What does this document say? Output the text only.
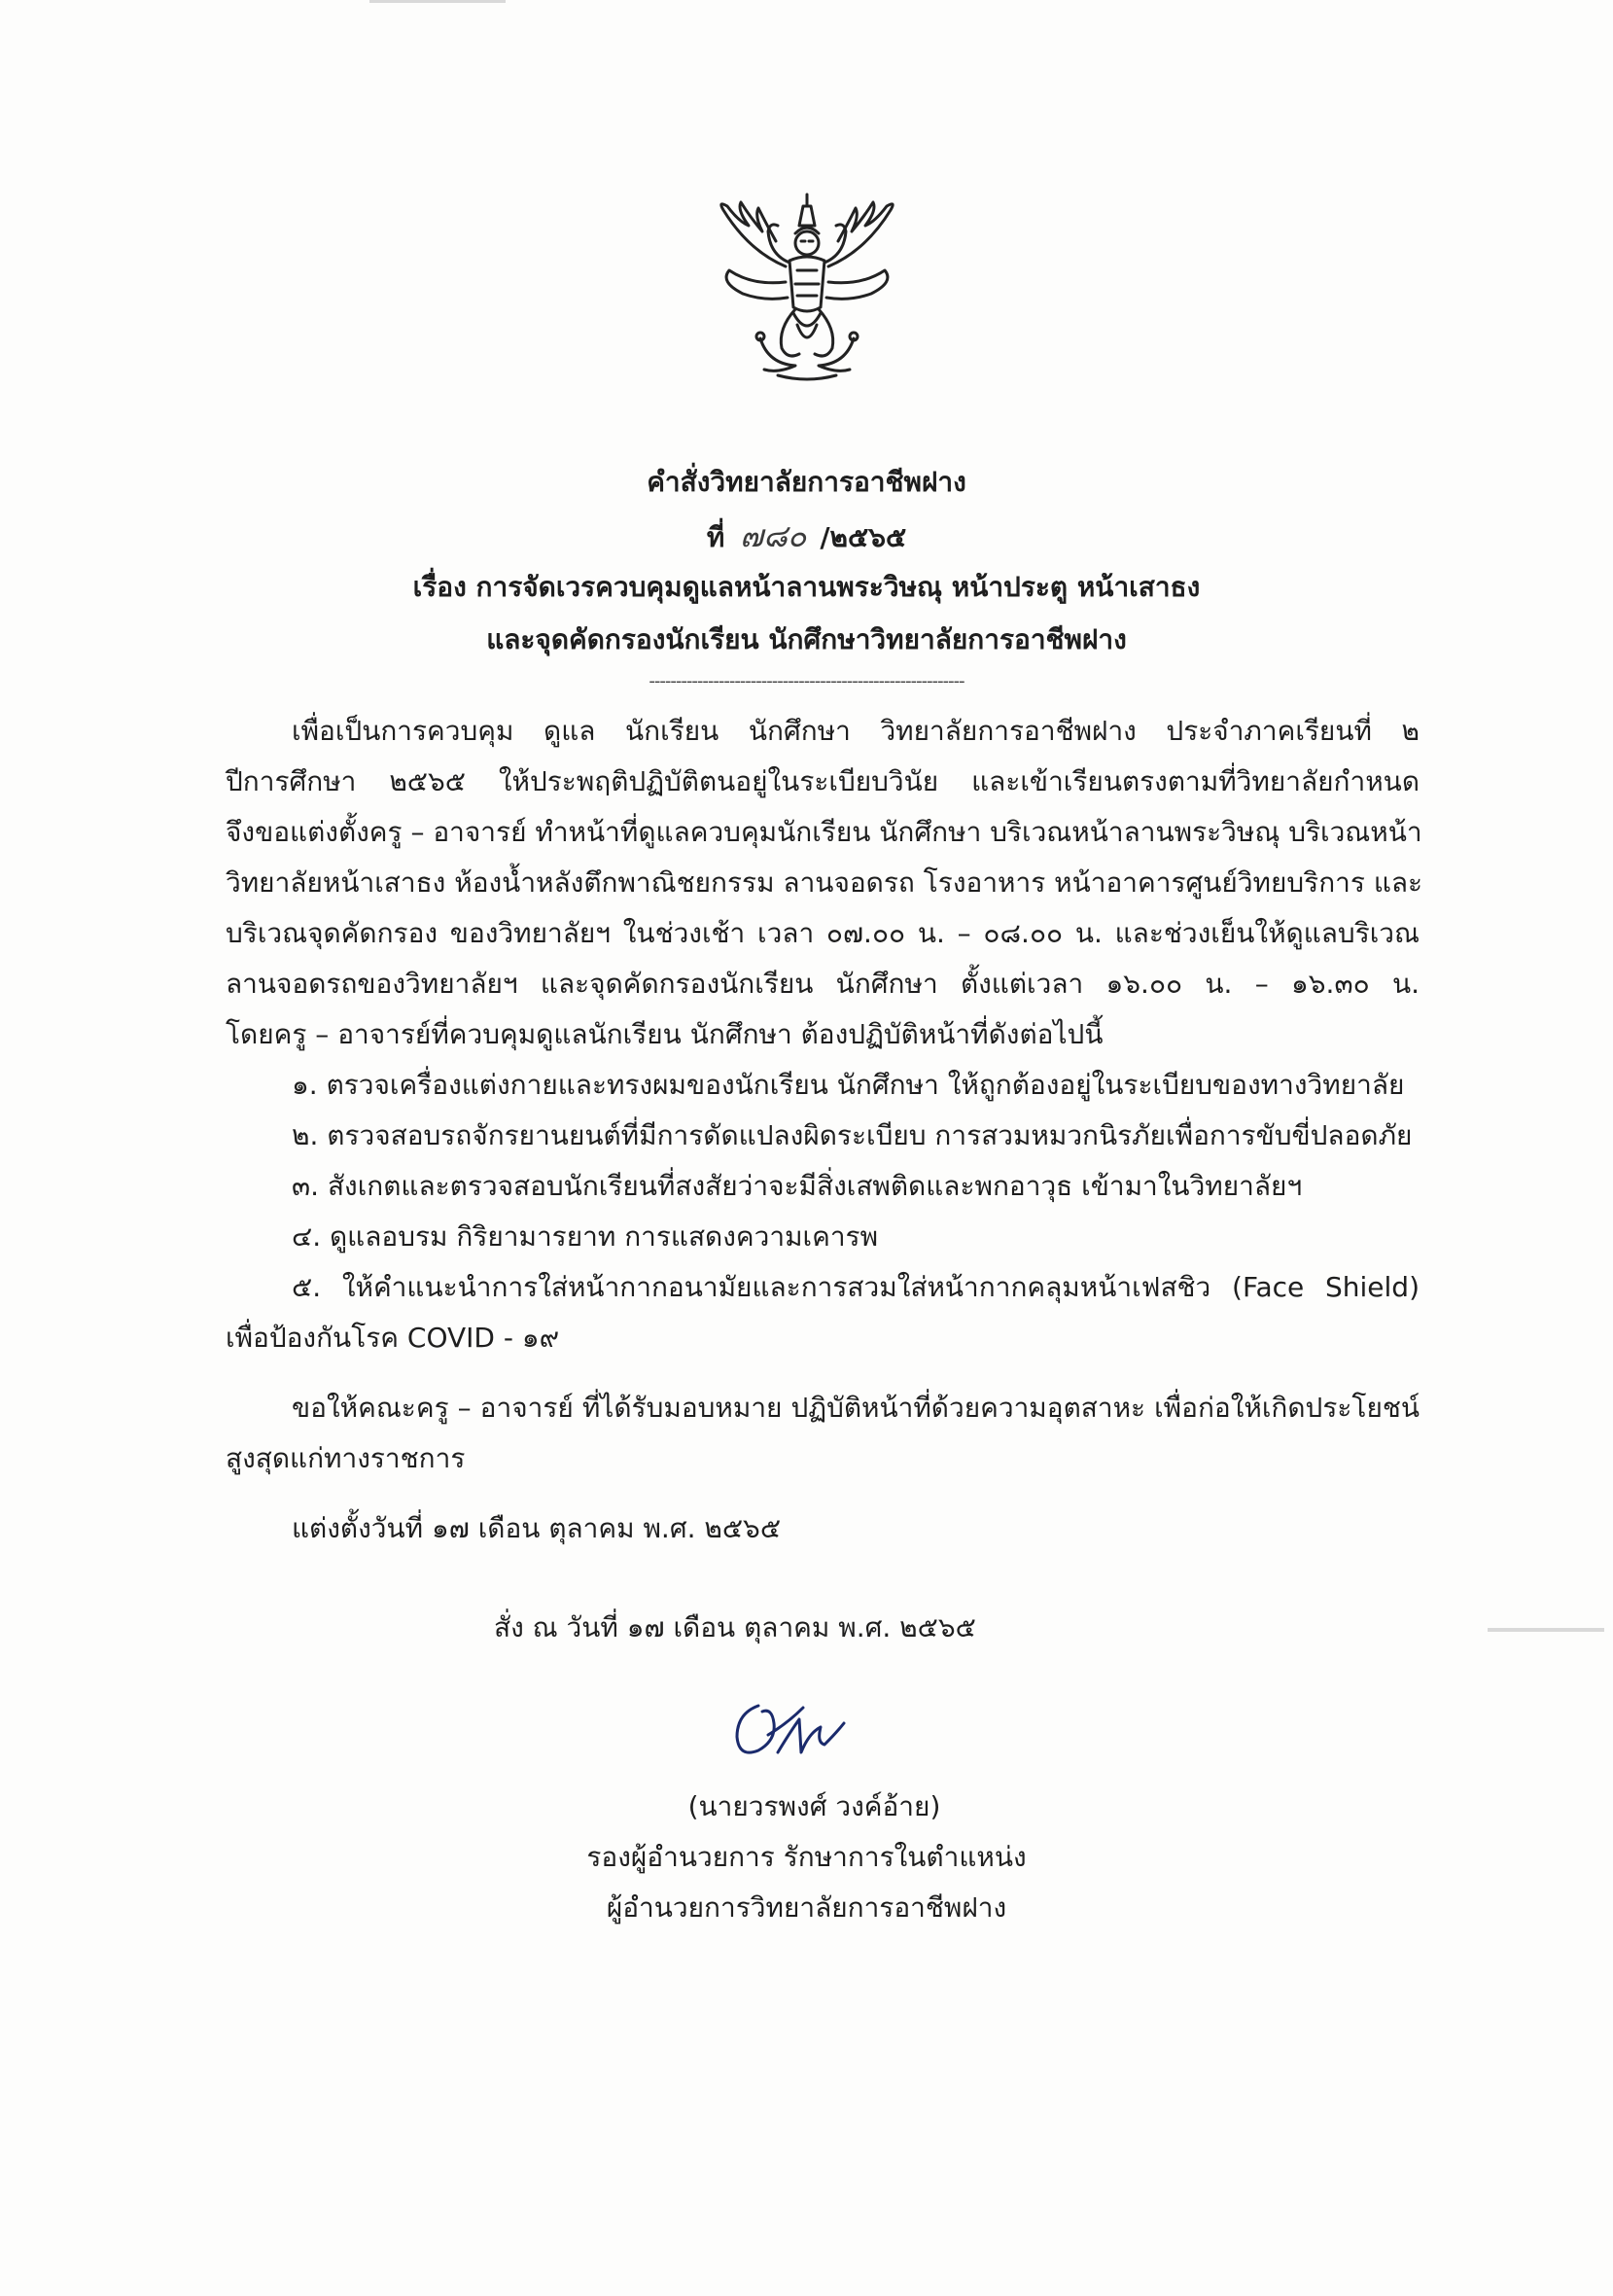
คำสั่งวิทยาลัยการอาชีพฝาง
ที่ ๗๘๐ /๒๕๖๕
เรื่อง การจัดเวรควบคุมดูแลหน้าลานพระวิษณุ หน้าประตู หน้าเสาธง
และจุดคัดกรองนักเรียน นักศึกษาวิทยาลัยการอาชีพฝาง
-----------------------------------------------------------
เพื่อเป็นการควบคุม ดูแล นักเรียน นักศึกษา วิทยาลัยการอาชีพฝาง ประจำภาคเรียนที่ ๒
ปีการศึกษา ๒๕๖๕ ให้ประพฤติปฏิบัติตนอยู่ในระเบียบวินัย และเข้าเรียนตรงตามที่วิทยาลัยกำหนด
จึงขอแต่งตั้งครู – อาจารย์ ทำหน้าที่ดูแลควบคุมนักเรียน นักศึกษา บริเวณหน้าลานพระวิษณุ บริเวณหน้า
วิทยาลัยหน้าเสาธง ห้องน้ำหลังตึกพาณิชยกรรม ลานจอดรถ โรงอาหาร หน้าอาคารศูนย์วิทยบริการ และ
บริเวณจุดคัดกรอง ของวิทยาลัยฯ ในช่วงเช้า เวลา ๐๗.๐๐ น. – ๐๘.๐๐ น. และช่วงเย็นให้ดูแลบริเวณ
ลานจอดรถของวิทยาลัยฯ และจุดคัดกรองนักเรียน นักศึกษา ตั้งแต่เวลา ๑๖.๐๐ น. – ๑๖.๓๐ น.
โดยครู – อาจารย์ที่ควบคุมดูแลนักเรียน นักศึกษา ต้องปฏิบัติหน้าที่ดังต่อไปนี้
๑. ตรวจเครื่องแต่งกายและทรงผมของนักเรียน นักศึกษา ให้ถูกต้องอยู่ในระเบียบของทางวิทยาลัย
๒. ตรวจสอบรถจักรยานยนต์ที่มีการดัดแปลงผิดระเบียบ การสวมหมวกนิรภัยเพื่อการขับขี่ปลอดภัย
๓. สังเกตและตรวจสอบนักเรียนที่สงสัยว่าจะมีสิ่งเสพติดและพกอาวุธ เข้ามาในวิทยาลัยฯ
๔. ดูแลอบรม กิริยามารยาท การแสดงความเคารพ
๕. ให้คำแนะนำการใส่หน้ากากอนามัยและการสวมใส่หน้ากากคลุมหน้าเฟสชิว (Face Shield)
เพื่อป้องกันโรค COVID - ๑๙
ขอให้คณะครู – อาจารย์ ที่ได้รับมอบหมาย ปฏิบัติหน้าที่ด้วยความอุตสาหะ เพื่อก่อให้เกิดประโยชน์
สูงสุดแก่ทางราชการ
แต่งตั้งวันที่ ๑๗ เดือน ตุลาคม พ.ศ. ๒๕๖๕
สั่ง ณ วันที่ ๑๗ เดือน ตุลาคม พ.ศ. ๒๕๖๕
(นายวรพงศ์ วงค์อ้าย)
รองผู้อำนวยการ รักษาการในตำแหน่ง
ผู้อำนวยการวิทยาลัยการอาชีพฝาง
